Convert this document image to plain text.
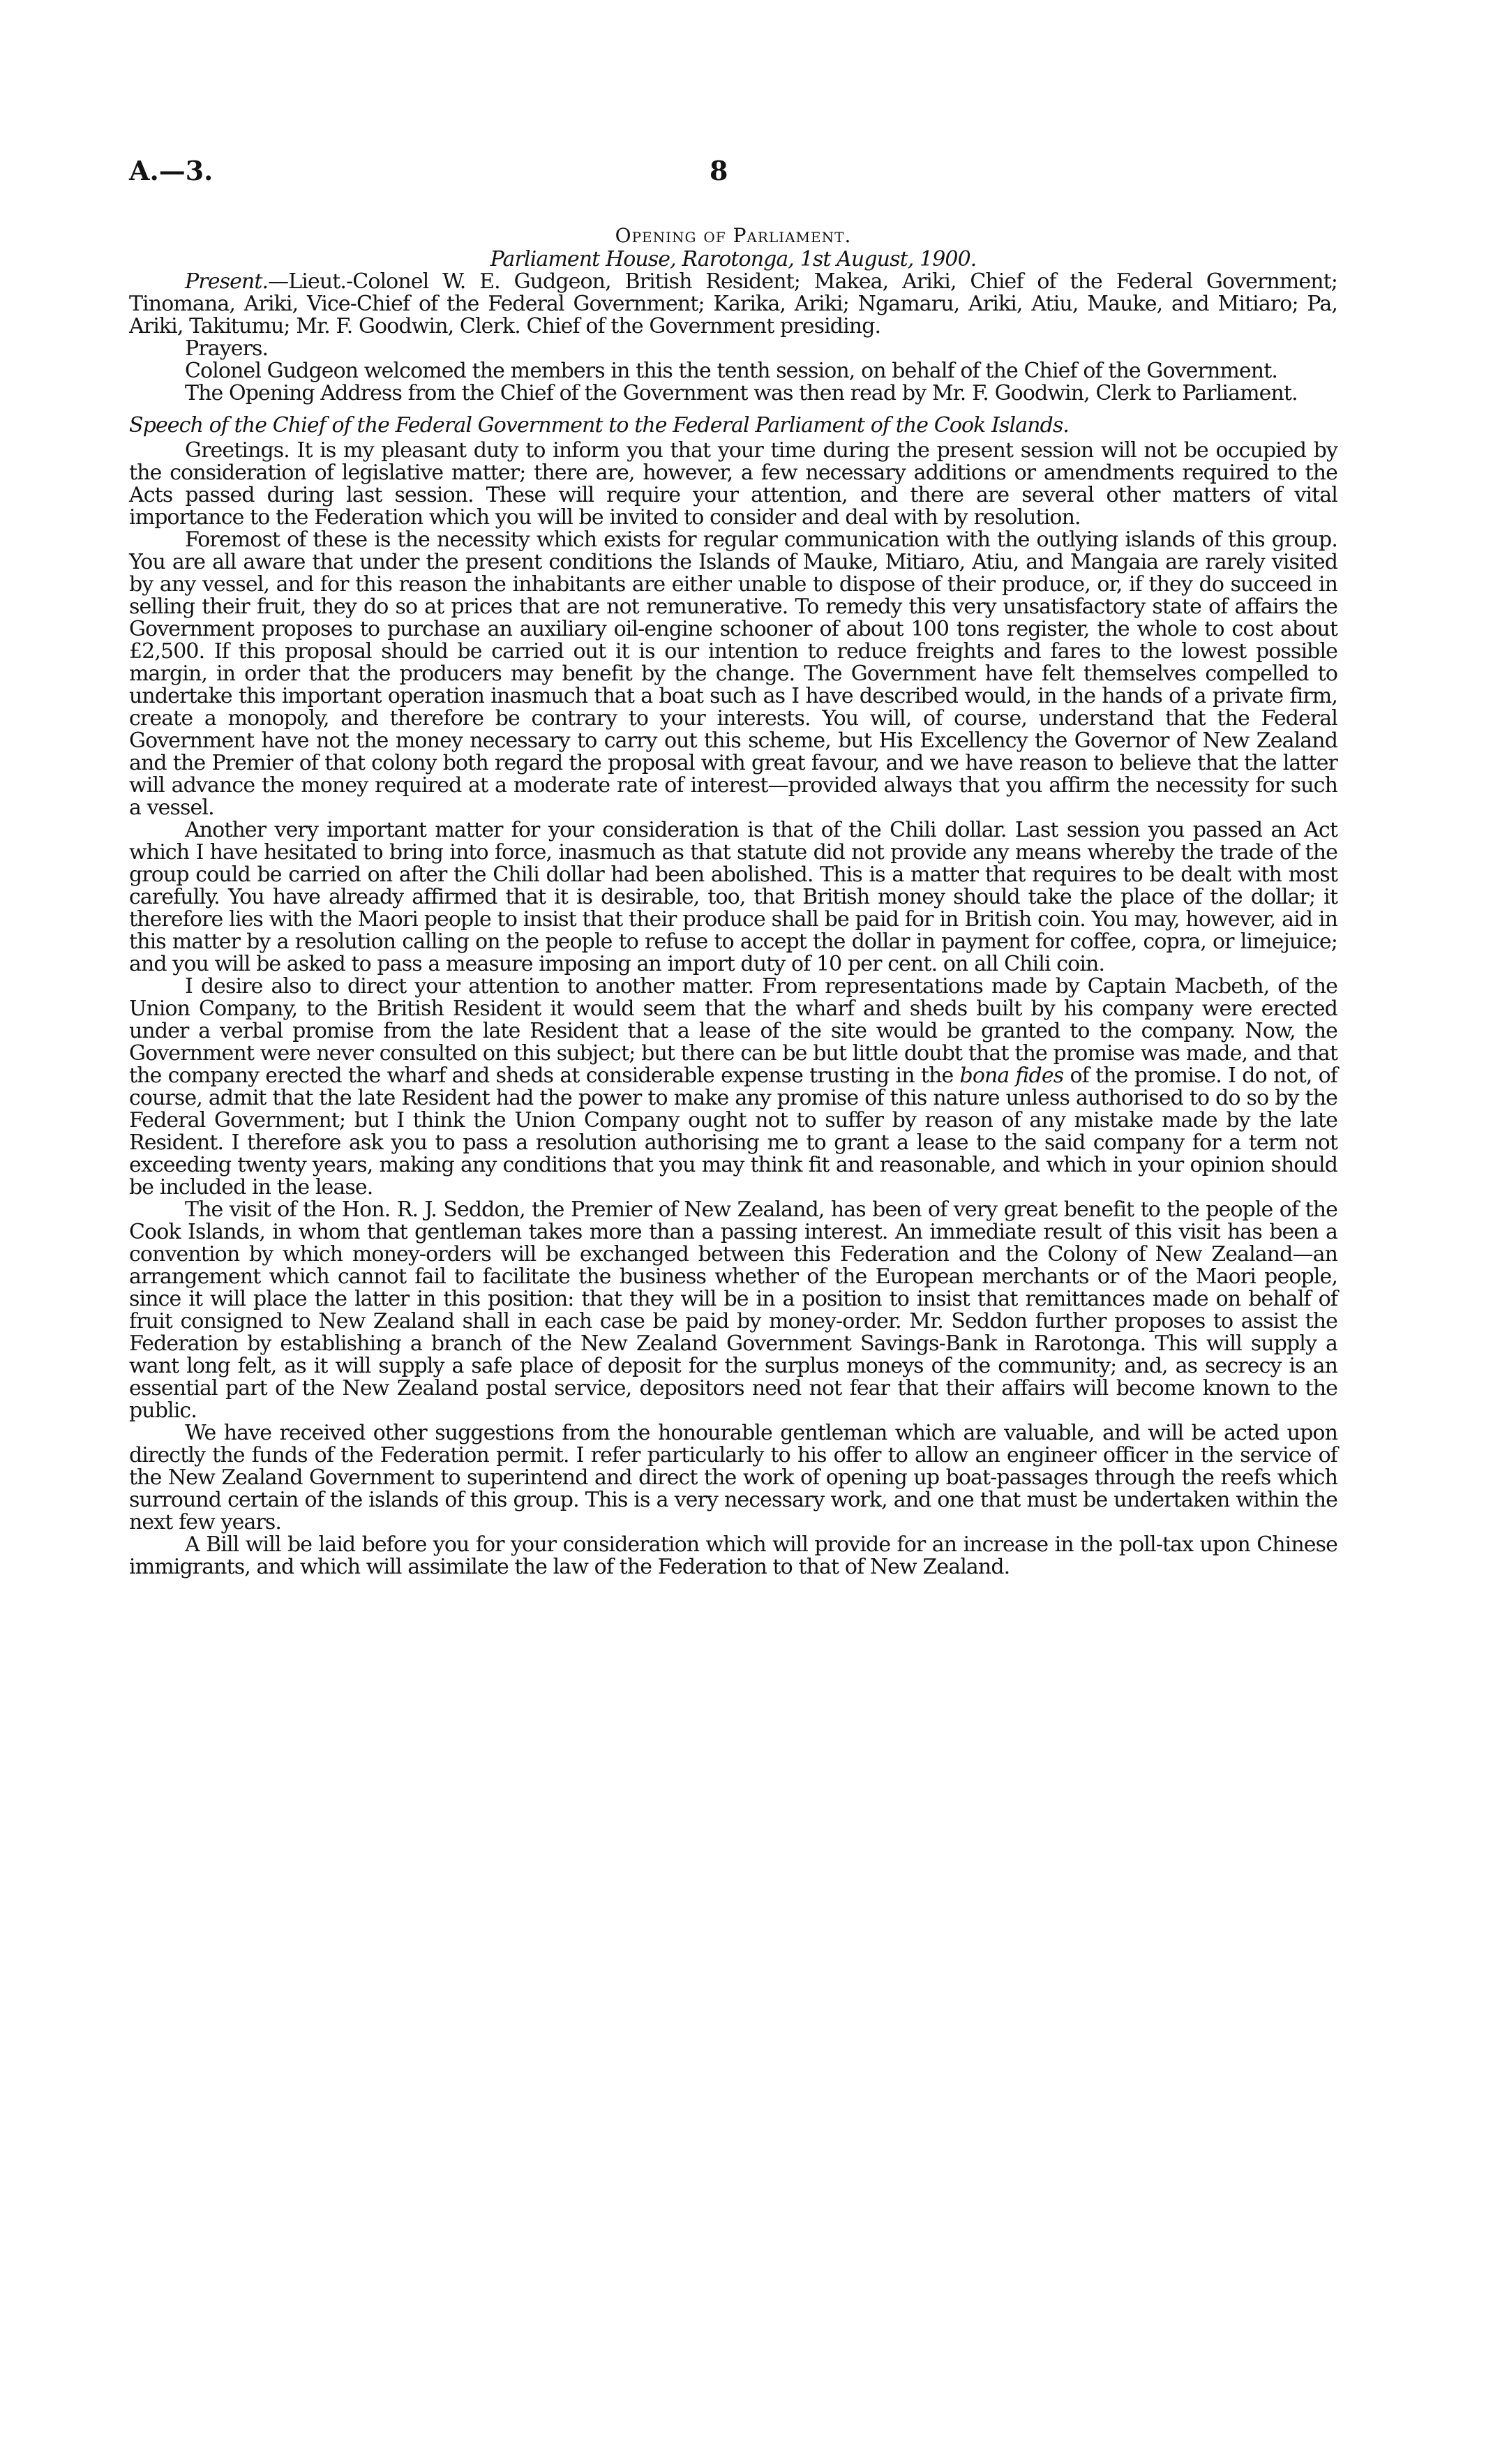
A.—3.	8
Opening of Parliament.
Parliament House, Rarotonga, 1st August, 1900.

Present.—Lieut.-Colonel W. E. Gudgeon, British Resident; Makea, Ariki, Chief of the Federal Government; Tinomana, Ariki, Vice-Chief of the Federal Government; Karika, Ariki; Ngamaru, Ariki, Atiu, Mauke, and Mitiaro; Pa, Ariki, Takitumu; Mr. F. Goodwin, Clerk. Chief of the Government presiding.

Prayers.

Colonel Gudgeon welcomed the members in this the tenth session, on behalf of the Chief of the Government.

The Opening Address from the Chief of the Government was then read by Mr. F. Goodwin, Clerk to Parliament.

Speech of the Chief of the Federal Government to the Federal Parliament of the Cook Islands.

Greetings. It is my pleasant duty to inform you that your time during the present session will not be occupied by the consideration of legislative matter; there are, however, a few necessary additions or amendments required to the Acts passed during last session. These will require your attention, and there are several other matters of vital importance to the Federation which you will be invited to consider and deal with by resolution.

Foremost of these is the necessity which exists for regular communication with the outlying islands of this group. You are all aware that under the present conditions the Islands of Mauke, Mitiaro, Atiu, and Mangaia are rarely visited by any vessel, and for this reason the inhabitants are either unable to dispose of their produce, or, if they do succeed in selling their fruit, they do so at prices that are not remunerative. To remedy this very unsatisfactory state of affairs the Government proposes to purchase an auxiliary oil-engine schooner of about 100 tons register, the whole to cost about £2,500. If this proposal should be carried out it is our intention to reduce freights and fares to the lowest possible margin, in order that the producers may benefit by the change. The Government have felt themselves compelled to undertake this important operation inasmuch that a boat such as I have described would, in the hands of a private firm, create a monopoly, and therefore be contrary to your interests. You will, of course, understand that the Federal Government have not the money necessary to carry out this scheme, but His Excellency the Governor of New Zealand and the Premier of that colony both regard the proposal with great favour, and we have reason to believe that the latter will advance the money required at a moderate rate of interest—provided always that you affirm the necessity for such a vessel.

Another very important matter for your consideration is that of the Chili dollar. Last session you passed an Act which I have hesitated to bring into force, inasmuch as that statute did not provide any means whereby the trade of the group could be carried on after the Chili dollar had been abolished. This is a matter that requires to be dealt with most carefully. You have already affirmed that it is desirable, too, that British money should take the place of the dollar; it therefore lies with the Maori people to insist that their produce shall be paid for in British coin. You may, however, aid in this matter by a resolution calling on the people to refuse to accept the dollar in payment for coffee, copra, or limejuice; and you will be asked to pass a measure imposing an import duty of 10 per cent. on all Chili coin.

I desire also to direct your attention to another matter. From representations made by Captain Macbeth, of the Union Company, to the British Resident it would seem that the wharf and sheds built by his company were erected under a verbal promise from the late Resident that a lease of the site would be granted to the company. Now, the Government were never consulted on this subject; but there can be but little doubt that the promise was made, and that the company erected the wharf and sheds at considerable expense trusting in the bona fides of the promise. I do not, of course, admit that the late Resident had the power to make any promise of this nature unless authorised to do so by the Federal Government; but I think the Union Company ought not to suffer by reason of any mistake made by the late Resident. I therefore ask you to pass a resolution authorising me to grant a lease to the said company for a term not exceeding twenty years, making any conditions that you may think fit and reasonable, and which in your opinion should be included in the lease.

The visit of the Hon. R. J. Seddon, the Premier of New Zealand, has been of very great benefit to the people of the Cook Islands, in whom that gentleman takes more than a passing interest. An immediate result of this visit has been a convention by which money-orders will be exchanged between this Federation and the Colony of New Zealand—an arrangement which cannot fail to facilitate the business whether of the European merchants or of the Maori people, since it will place the latter in this position: that they will be in a position to insist that remittances made on behalf of fruit consigned to New Zealand shall in each case be paid by money-order. Mr. Seddon further proposes to assist the Federation by establishing a branch of the New Zealand Government Savings-Bank in Rarotonga. This will supply a want long felt, as it will supply a safe place of deposit for the surplus moneys of the community; and, as secrecy is an essential part of the New Zealand postal service, depositors need not fear that their affairs will become known to the public.

We have received other suggestions from the honourable gentleman which are valuable, and will be acted upon directly the funds of the Federation permit. I refer particularly to his offer to allow an engineer officer in the service of the New Zealand Government to superintend and direct the work of opening up boat-passages through the reefs which surround certain of the islands of this group. This is a very necessary work, and one that must be undertaken within the next few years.

A Bill will be laid before you for your consideration which will provide for an increase in the poll-tax upon Chinese immigrants, and which will assimilate the law of the Federation to that of New Zealand.
